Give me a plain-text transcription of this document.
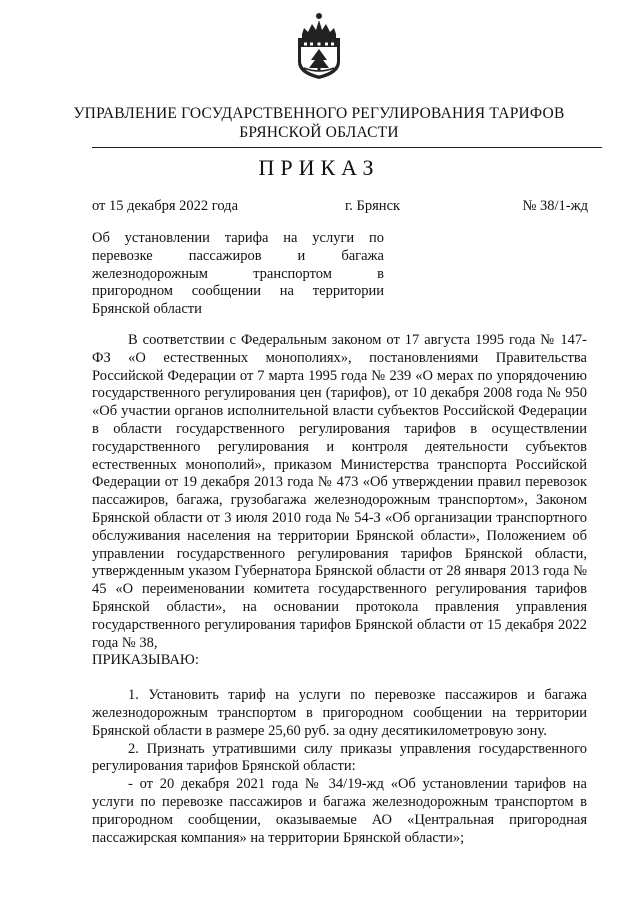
УПРАВЛЕНИЕ ГОСУДАРСТВЕННОГО РЕГУЛИРОВАНИЯ ТАРИФОВ
БРЯНСКОЙ ОБЛАСТИ
ПРИКАЗ
от 15 декабря 2022 года	г. Брянск	№ 38/1-жд
Об установлении тарифа на услуги по перевозке пассажиров и багажа железнодорожным транспортом в пригородном сообщении на территории Брянской области

В соответствии с Федеральным законом от 17 августа 1995 года № 147-ФЗ «О естественных монополиях», постановлениями Правительства Российской Федерации от 7 марта 1995 года № 239 «О мерах по упорядочению государственного регулирования цен (тарифов), от 10 декабря 2008 года № 950 «Об участии органов исполнительной власти субъектов Российской Федерации в области государственного регулирования тарифов в осуществлении государственного регулирования и контроля деятельности субъектов естественных монополий», приказом Министерства транспорта Российской Федерации от 19 декабря 2013 года № 473 «Об утверждении правил перевозок пассажиров, багажа, грузобагажа железнодорожным транспортом», Законом Брянской области от 3 июля 2010 года № 54-З «Об организации транспортного обслуживания населения на территории Брянской области», Положением об управлении государственного регулирования тарифов Брянской области, утвержденным указом Губернатора Брянской области от 28 января 2013 года № 45 «О переименовании комитета государственного регулирования тарифов Брянской области», на основании протокола правления управления государственного регулирования тарифов Брянской области от 15 декабря 2022 года № 38,

ПРИКАЗЫВАЮ:

1. Установить тариф на услуги по перевозке пассажиров и багажа железнодорожным транспортом в пригородном сообщении на территории Брянской области в размере 25,60 руб. за одну десятикилометровую зону.

2. Признать утратившими силу приказы управления государственного регулирования тарифов Брянской области:

- от 20 декабря 2021 года № 34/19-жд «Об установлении тарифов на услуги по перевозке пассажиров и багажа железнодорожным транспортом в пригородном сообщении, оказываемые АО «Центральная пригородная пассажирская компания» на территории Брянской области»;
